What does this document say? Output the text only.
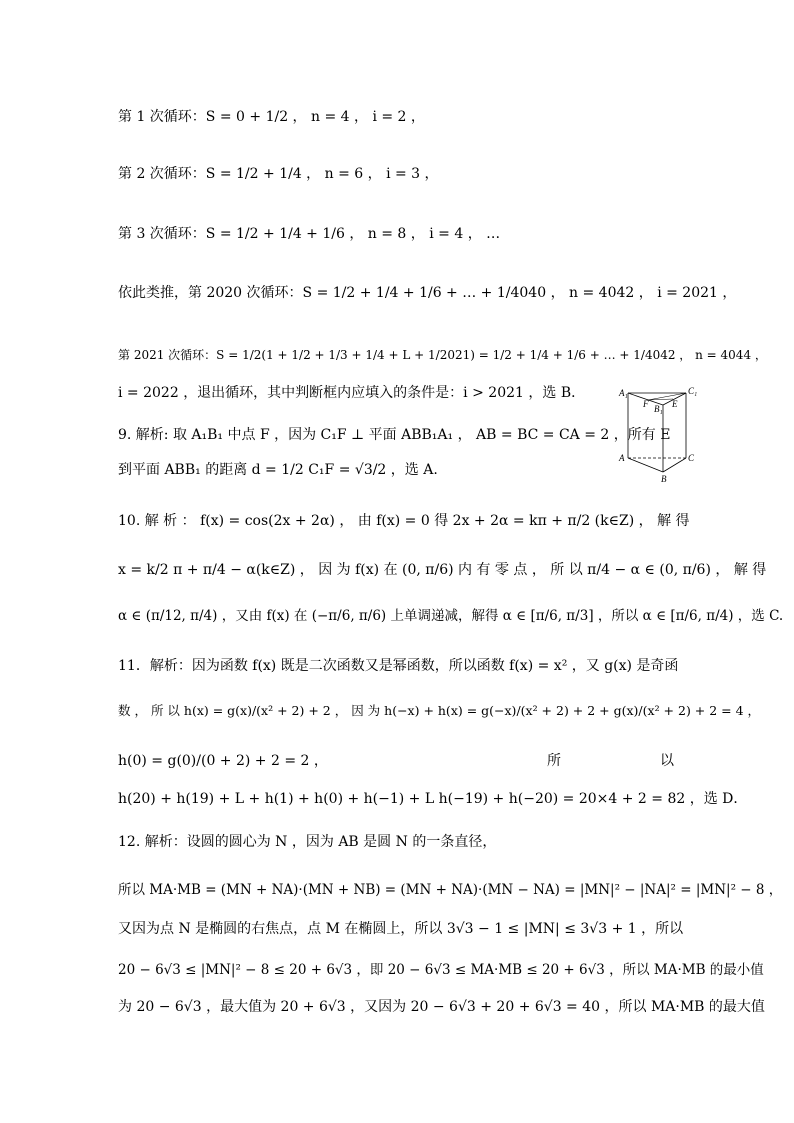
第 1 次循环：S = 0 + 1/2 ， n = 4 ， i = 2 ，
第 2 次循环：S = 1/2 + 1/4 ， n = 6 ， i = 3 ，
第 3 次循环：S = 1/2 + 1/4 + 1/6 ， n = 8 ， i = 4 ， …
依此类推，第 2020 次循环：S = 1/2 + 1/4 + 1/6 + … + 1/4040 ， n = 4042 ， i = 2021 ，
第 2021 次循环：S = 1/2(1 + 1/2 + 1/3 + 1/4 + L + 1/2021) = 1/2 + 1/4 + 1/6 + … + 1/4042 ， n = 4044 ，
i = 2022 ，退出循环，其中判断框内应填入的条件是：i > 2021 ，选 B．
9. 解析: 取 A₁B₁ 中点 F ，因为 C₁F ⊥ 平面 ABB₁A₁ ， AB = BC = CA = 2 ，所有 E
到平面 ABB₁ 的距离 d = 1/2 C₁F = √3/2 ，选 A.
A₁	C₁
F B₁ E
A	C
B
10. 解 析 ： f(x) = cos(2x + 2α) ， 由 f(x) = 0 得 2x + 2α = kπ + π/2 (k∈Z) ， 解 得
x = k/2 π + π/4 − α(k∈Z) ， 因 为 f(x) 在 (0, π/6) 内 有 零 点 ， 所 以 π/4 − α ∈ (0, π/6) ， 解 得
α ∈ (π/12, π/4) ，又由 f(x) 在 (−π/6, π/6) 上单调递减，解得 α ∈ [π/6, π/3] ，所以 α ∈ [π/6, π/4) ，选 C.
11．解析：因为函数 f(x) 既是二次函数又是幂函数，所以函数 f(x) = x² ，又 g(x) 是奇函
数 ， 所 以 h(x) = g(x)/(x² + 2) + 2 ， 因 为 h(−x) + h(x) = g(−x)/(x² + 2) + 2 + g(x)/(x² + 2) + 2 = 4 ，
h(0) = g(0)/(0 + 2) + 2 = 2 ，	所	以
h(20) + h(19) + L + h(1) + h(0) + h(−1) + L h(−19) + h(−20) = 20×4 + 2 = 82 ，选 D．
12. 解析：设圆的圆心为 N ，因为 AB 是圆 N 的一条直径，
所以 MA·MB = (MN + NA)·(MN + NB) = (MN + NA)·(MN − NA) = |MN|² − |NA|² = |MN|² − 8 ，
又因为点 N 是椭圆的右焦点，点 M 在椭圆上，所以 3√3 − 1 ≤ |MN| ≤ 3√3 + 1 ，所以
20 − 6√3 ≤ |MN|² − 8 ≤ 20 + 6√3 ，即 20 − 6√3 ≤ MA·MB ≤ 20 + 6√3 ，所以 MA·MB 的最小值
为 20 − 6√3 ，最大值为 20 + 6√3 ，又因为 20 − 6√3 + 20 + 6√3 = 40 ，所以 MA·MB 的最大值
